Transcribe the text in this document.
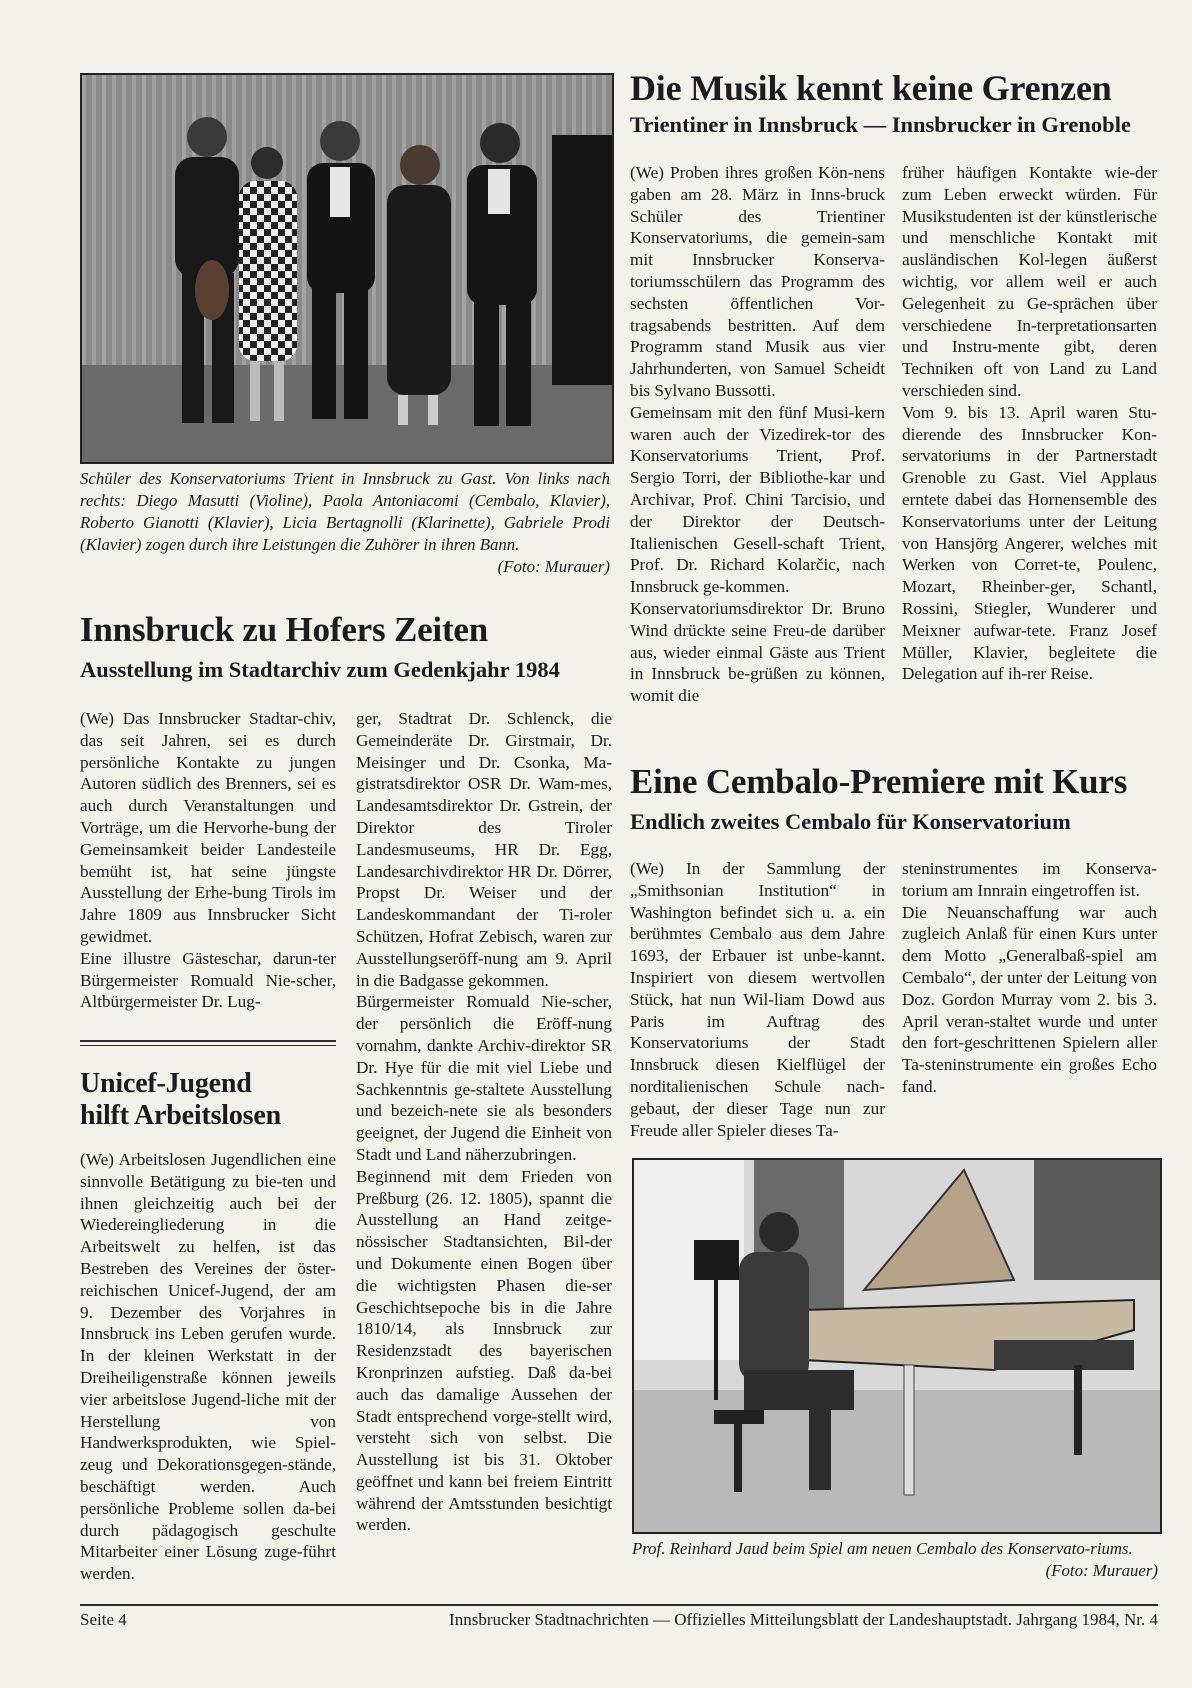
Schüler des Konservatoriums Trient in Innsbruck zu Gast. Von links nach rechts: Diego Masutti (Violine), Paola Antoniacomi (Cembalo, Klavier), Roberto Gianotti (Klavier), Licia Bertagnolli (Klarinette), Gabriele Prodi (Klavier) zogen durch ihre Leistungen die Zuhörer in ihren Bann.
(Foto: Murauer)
Die Musik kennt keine Grenzen
Trientiner in Innsbruck — Innsbrucker in Grenoble

(We) Proben ihres großen Kön-nens gaben am 28. März in Inns-bruck Schüler des Trientiner Konservatoriums, die gemein-sam mit Innsbrucker Konserva-toriumsschülern das Programm des sechsten öffentlichen Vor-tragsabends bestritten. Auf dem Programm stand Musik aus vier Jahrhunderten, von Samuel Scheidt bis Sylvano Bussotti.

Gemeinsam mit den fünf Musi-kern waren auch der Vizedirek-tor des Konservatoriums Trient, Prof. Sergio Torri, der Bibliothe-kar und Archivar, Prof. Chini Tarcisio, und der Direktor der Deutsch-Italienischen Gesell-schaft Trient, Prof. Dr. Richard Kolarčic, nach Innsbruck ge-kommen.

Konservatoriumsdirektor Dr. Bruno Wind drückte seine Freu-de darüber aus, wieder einmal Gäste aus Trient in Innsbruck be-grüßen zu können, womit die

früher häufigen Kontakte wie-der zum Leben erweckt würden. Für Musikstudenten ist der künstlerische und menschliche Kontakt mit ausländischen Kol-legen äußerst wichtig, vor allem weil er auch Gelegenheit zu Ge-sprächen über verschiedene In-terpretationsarten und Instru-mente gibt, deren Techniken oft von Land zu Land verschieden sind.

Vom 9. bis 13. April waren Stu-dierende des Innsbrucker Kon-servatoriums in der Partnerstadt Grenoble zu Gast. Viel Applaus erntete dabei das Hornensemble des Konservatoriums unter der Leitung von Hansjörg Angerer, welches mit Werken von Corret-te, Poulenc, Mozart, Rheinber-ger, Schantl, Rossini, Stiegler, Wunderer und Meixner aufwar-tete. Franz Josef Müller, Klavier, begleitete die Delegation auf ih-rer Reise.

Innsbruck zu Hofers Zeiten
Ausstellung im Stadtarchiv zum Gedenkjahr 1984

(We) Das Innsbrucker Stadtar-chiv, das seit Jahren, sei es durch persönliche Kontakte zu jungen Autoren südlich des Brenners, sei es auch durch Veranstaltungen und Vorträge, um die Hervorhe-bung der Gemeinsamkeit beider Landesteile bemüht ist, hat seine jüngste Ausstellung der Erhe-bung Tirols im Jahre 1809 aus Innsbrucker Sicht gewidmet.

Eine illustre Gästeschar, darun-ter Bürgermeister Romuald Nie-scher, Altbürgermeister Dr. Lug-

ger, Stadtrat Dr. Schlenck, die Gemeinderäte Dr. Girstmair, Dr. Meisinger und Dr. Csonka, Ma-gistratsdirektor OSR Dr. Wam-mes, Landesamtsdirektor Dr. Gstrein, der Direktor des Tiroler Landesmuseums, HR Dr. Egg, Landesarchivdirektor HR Dr. Dörrer, Propst Dr. Weiser und der Landeskommandant der Ti-roler Schützen, Hofrat Zebisch, waren zur Ausstellungseröff-nung am 9. April in die Badgasse gekommen.

Bürgermeister Romuald Nie-scher, der persönlich die Eröff-nung vornahm, dankte Archiv-direktor SR Dr. Hye für die mit viel Liebe und Sachkenntnis ge-staltete Ausstellung und bezeich-nete sie als besonders geeignet, der Jugend die Einheit von Stadt und Land näherzubringen.

Beginnend mit dem Frieden von Preßburg (26. 12. 1805), spannt die Ausstellung an Hand zeitge-nössischer Stadtansichten, Bil-der und Dokumente einen Bogen über die wichtigsten Phasen die-ser Geschichtsepoche bis in die Jahre 1810/14, als Innsbruck zur Residenzstadt des bayerischen Kronprinzen aufstieg. Daß da-bei auch das damalige Aussehen der Stadt entsprechend vorge-stellt wird, versteht sich von selbst. Die Ausstellung ist bis 31. Oktober geöffnet und kann bei freiem Eintritt während der Amtsstunden besichtigt werden.

Unicef-Jugend
hilft Arbeitslosen

(We) Arbeitslosen Jugendlichen eine sinnvolle Betätigung zu bie-ten und ihnen gleichzeitig auch bei der Wiedereingliederung in die Arbeitswelt zu helfen, ist das Bestreben des Vereines der öster-reichischen Unicef-Jugend, der am 9. Dezember des Vorjahres in Innsbruck ins Leben gerufen wurde. In der kleinen Werkstatt in der Dreiheiligenstraße können jeweils vier arbeitslose Jugend-liche mit der Herstellung von Handwerksprodukten, wie Spiel-zeug und Dekorationsgegen-stände, beschäftigt werden. Auch persönliche Probleme sollen da-bei durch pädagogisch geschulte Mitarbeiter einer Lösung zuge-führt werden.

Eine Cembalo-Premiere mit Kurs
Endlich zweites Cembalo für Konservatorium

(We) In der Sammlung der „Smithsonian Institution“ in Washington befindet sich u. a. ein berühmtes Cembalo aus dem Jahre 1693, der Erbauer ist unbe-kannt. Inspiriert von diesem wertvollen Stück, hat nun Wil-liam Dowd aus Paris im Auftrag des Konservatoriums der Stadt Innsbruck diesen Kielflügel der norditalienischen Schule nach-gebaut, der dieser Tage nun zur Freude aller Spieler dieses Ta-

steninstrumentes im Konserva-torium am Innrain eingetroffen ist.

Die Neuanschaffung war auch zugleich Anlaß für einen Kurs unter dem Motto „Generalbaß-spiel am Cembalo“, der unter der Leitung von Doz. Gordon Murray vom 2. bis 3. April veran-staltet wurde und unter den fort-geschrittenen Spielern aller Ta-steninstrumente ein großes Echo fand.

Prof. Reinhard Jaud beim Spiel am neuen Cembalo des Konservato-riums.
(Foto: Murauer)
Seite 4	Innsbrucker Stadtnachrichten — Offizielles Mitteilungsblatt der Landeshauptstadt. Jahrgang 1984, Nr. 4
